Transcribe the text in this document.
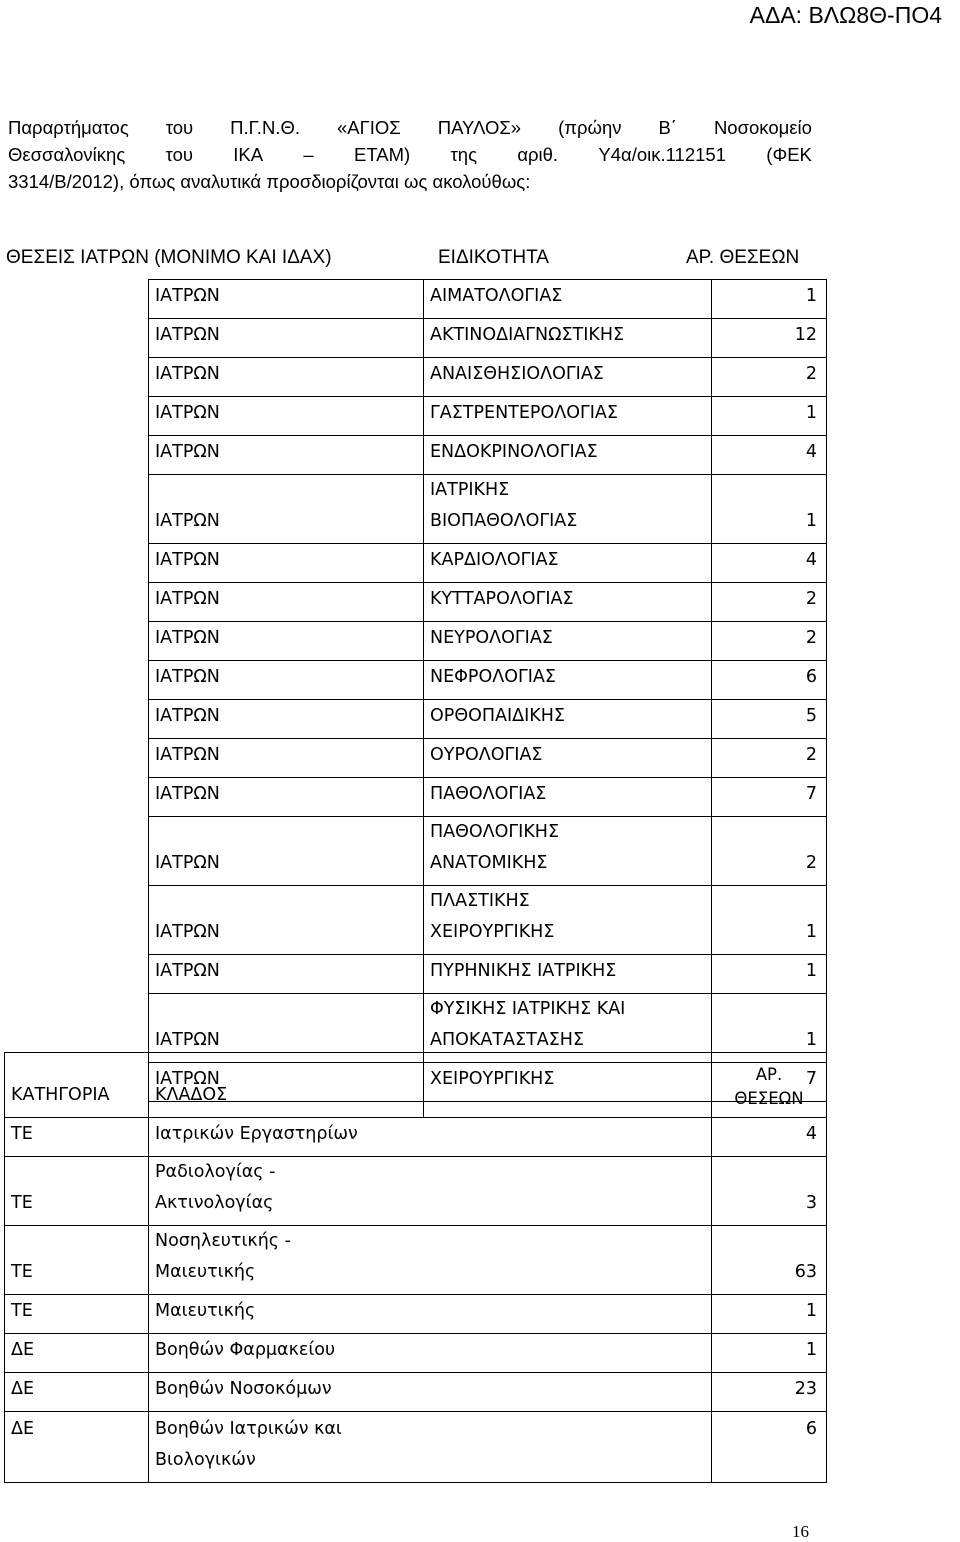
ΑΔΑ: ΒΛΩ8Θ-ΠΟ4
Παραρτήματος του Π.Γ.Ν.Θ. «ΑΓΙΟΣ ΠΑΥΛΟΣ» (πρώην Β΄ Νοσοκομείο
Θεσσαλονίκης του ΙΚΑ – ΕΤΑΜ) της αριθ. Υ4α/οικ.112151 (ΦΕΚ
3314/Β/2012), όπως αναλυτικά προσδιορίζονται ως ακολούθως:
ΘΕΣΕΙΣ ΙΑΤΡΩΝ (ΜΟΝΙΜΟ ΚΑΙ ΙΔΑΧ)	ΕΙΔΙΚΟΤΗΤΑ	ΑΡ. ΘΕΣΕΩΝ
ΙΑΤΡΩΝ	ΑΙΜΑΤΟΛΟΓΙΑΣ	1
ΙΑΤΡΩΝ	ΑΚΤΙΝΟΔΙΑΓΝΩΣΤΙΚΗΣ	12
ΙΑΤΡΩΝ	ΑΝΑΙΣΘΗΣΙΟΛΟΓΙΑΣ	2
ΙΑΤΡΩΝ	ΓΑΣΤΡΕΝΤΕΡΟΛΟΓΙΑΣ	1
ΙΑΤΡΩΝ	ΕΝΔΟΚΡΙΝΟΛΟΓΙΑΣ	4
ΙΑΤΡΩΝ	ΙΑΤΡΙΚΗΣ
ΒΙΟΠΑΘΟΛΟΓΙΑΣ	1
ΙΑΤΡΩΝ	ΚΑΡΔΙΟΛΟΓΙΑΣ	4
ΙΑΤΡΩΝ	ΚΥΤΤΑΡΟΛΟΓΙΑΣ	2
ΙΑΤΡΩΝ	ΝΕΥΡΟΛΟΓΙΑΣ	2
ΙΑΤΡΩΝ	ΝΕΦΡΟΛΟΓΙΑΣ	6
ΙΑΤΡΩΝ	ΟΡΘΟΠΑΙΔΙΚΗΣ	5
ΙΑΤΡΩΝ	ΟΥΡΟΛΟΓΙΑΣ	2
ΙΑΤΡΩΝ	ΠΑΘΟΛΟΓΙΑΣ	7
ΙΑΤΡΩΝ	ΠΑΘΟΛΟΓΙΚΗΣ
ΑΝΑΤΟΜΙΚΗΣ	2
ΙΑΤΡΩΝ	ΠΛΑΣΤΙΚΗΣ
ΧΕΙΡΟΥΡΓΙΚΗΣ	1
ΙΑΤΡΩΝ	ΠΥΡΗΝΙΚΗΣ ΙΑΤΡΙΚΗΣ	1
ΙΑΤΡΩΝ	ΦΥΣΙΚΗΣ ΙΑΤΡΙΚΗΣ ΚΑΙ
ΑΠΟΚΑΤΑΣΤΑΣΗΣ	1
ΙΑΤΡΩΝ	ΧΕΙΡΟΥΡΓΙΚΗΣ	7
ΚΑΤΗΓΟΡΙΑ	ΚΛΑΔΟΣ		ΑΡ.
ΘΕΣΕΩΝ

ΤΕ	Ιατρικών Εργαστηρίων		4
ΤΕ	Ραδιολογίας -
Ακτινολογίας		3
ΤΕ	Νοσηλευτικής -
Μαιευτικής		63
ΤΕ	Μαιευτικής		1
ΔΕ	Βοηθών Φαρμακείου		1
ΔΕ	Βοηθών Νοσοκόμων		23
ΔΕ	Βοηθών Ιατρικών και
Βιολογικών		6
16
